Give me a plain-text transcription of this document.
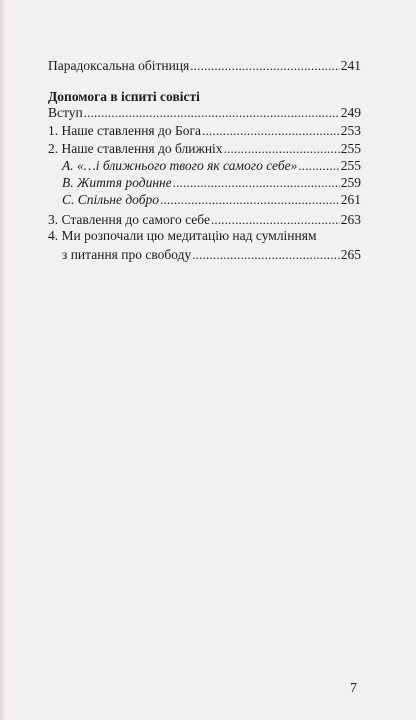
Парадоксальна обітниця .....	241
Допомога в іспиті совісті
Вступ .....	249
1. Наше ставлення до Бога .....	253
2. Наше ставлення до ближніх .....	255
A. «…і ближнього твого як самого себе» .....	255
B. Життя родинне .....	259
C. Спільне добро .....	261
3. Ставлення до самого себе .....	263
4. Ми розпочали цю медитацію над сумлінням
з питання про свободу .....	265
7
